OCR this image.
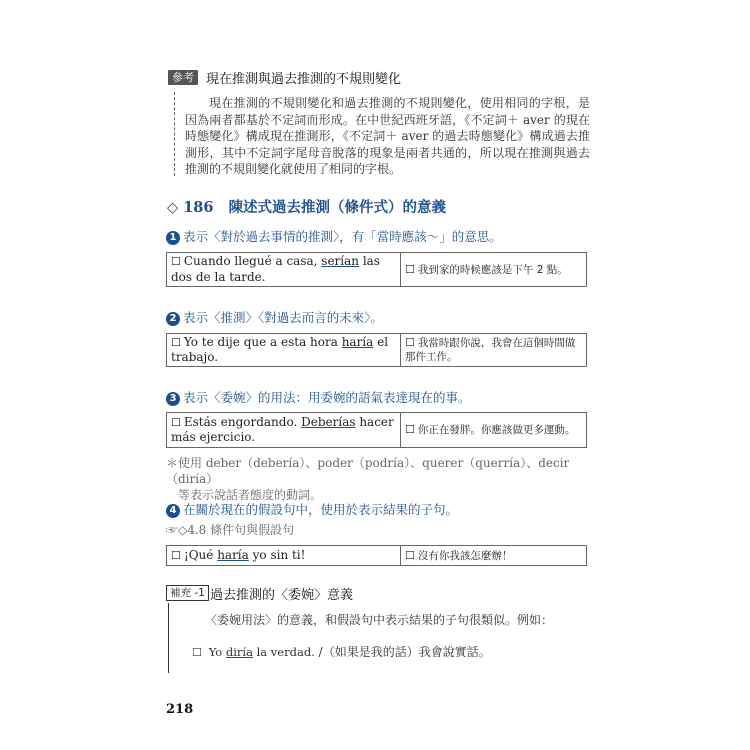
參考 現在推測與過去推測的不規則變化
現在推測的不規則變化和過去推測的不規則變化，使用相同的字根，是因為兩者都基於不定詞而形成。在中世紀西班牙語，《不定詞＋ aver 的現在時態變化》構成現在推測形，《不定詞＋ aver 的過去時態變化》構成過去推測形，其中不定詞字尾母音脫落的現象是兩者共通的，所以現在推測與過去推測的不規則變化就使用了相同的字根。
◇ 186 陳述式過去推測（條件式）的意義
1 表示〈對於過去事情的推測〉，有「當時應該～」的意思。
☐ Cuando llegué a casa, serían las dos de la tarde.
☐ 我到家的時候應該是下午 2 點。
2 表示〈推測〉〈對過去而言的未來〉。
☐ Yo te dije que a esta hora haría el trabajo.
☐ 我當時跟你說，我會在這個時間做那件工作。
3 表示〈委婉〉的用法：用委婉的語氣表達現在的事。
☐ Estás engordando. Deberías hacer más ejercicio.
☐ 你正在發胖。你應該做更多運動。
＊使用 deber（debería）、poder（podría）、querer（querría）、decir（diría）
等表示說話者態度的動詞。
4 在關於現在的假設句中，使用於表示結果的子句。
☞◇4.8 條件句與假設句
☐ ¡Qué haría yo sin ti!	☐ 沒有你我該怎麼辦！
補充 -1 過去推測的〈委婉〉意義
〈委婉用法〉的意義，和假設句中表示結果的子句很類似。例如：
☐ Yo diría la verdad. /（如果是我的話）我會說實話。
218
